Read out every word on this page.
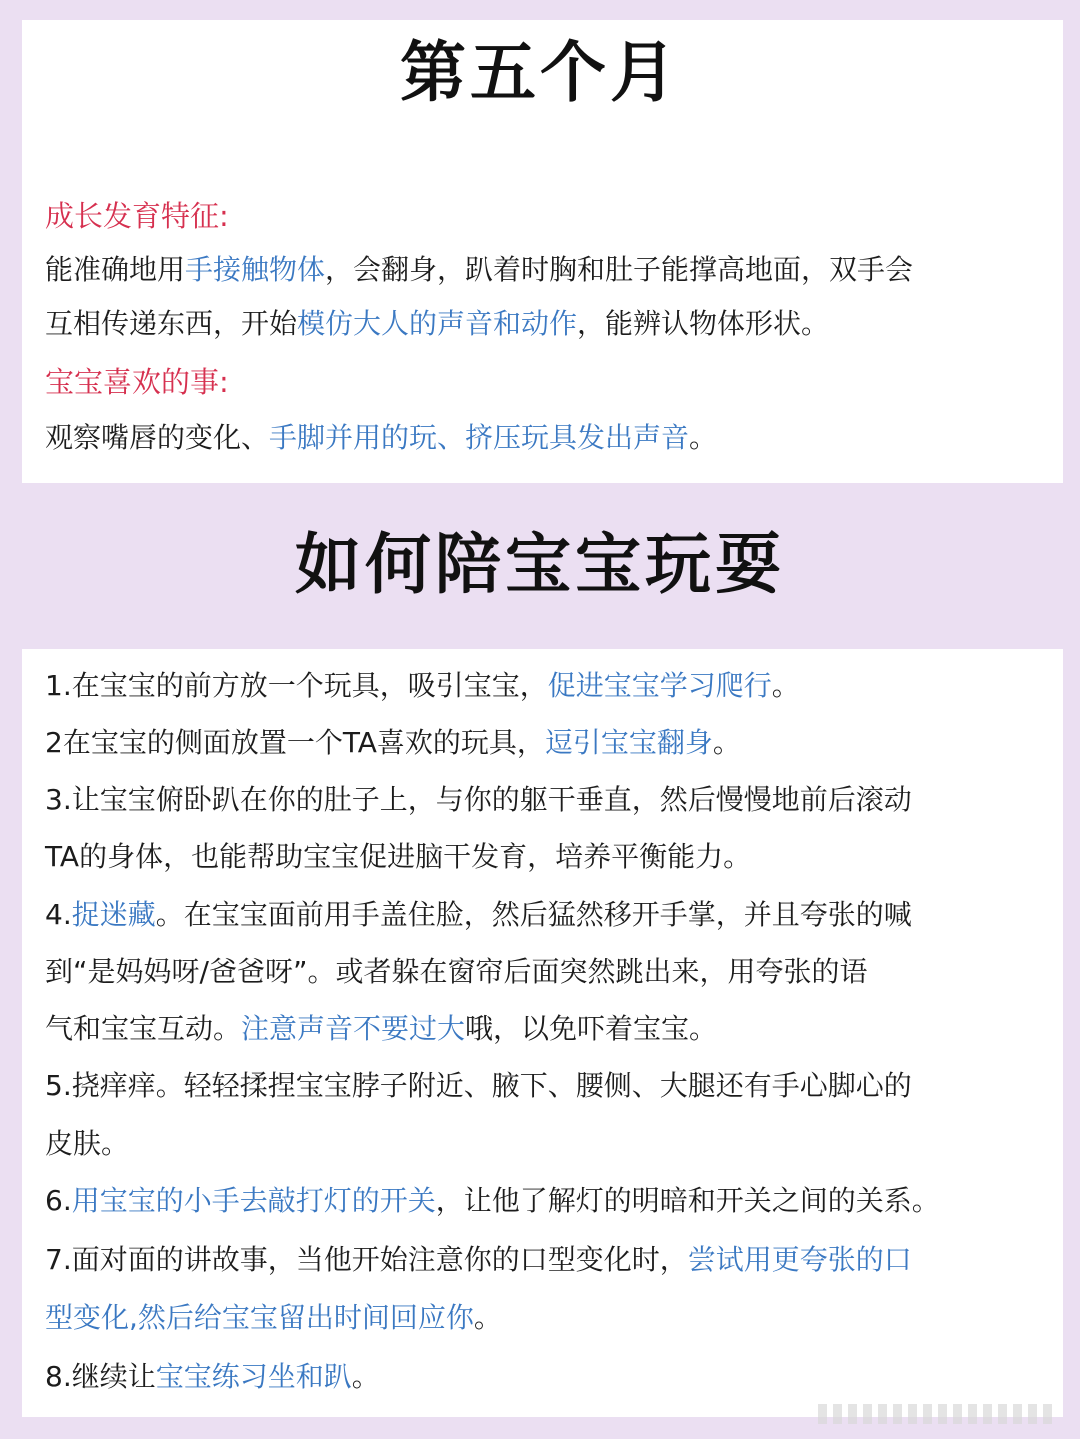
第五个月
成长发育特征:
能准确地用手接触物体，会翻身，趴着时胸和肚子能撑高地面，双手会
互相传递东西，开始模仿大人的声音和动作，能辨认物体形状。
宝宝喜欢的事:
观察嘴唇的变化、手脚并用的玩、挤压玩具发出声音。
如何陪宝宝玩耍
1.在宝宝的前方放一个玩具，吸引宝宝，促进宝宝学习爬行。
2在宝宝的侧面放置一个TA喜欢的玩具，逗引宝宝翻身。
3.让宝宝俯卧趴在你的肚子上，与你的躯干垂直，然后慢慢地前后滚动
TA的身体，也能帮助宝宝促进脑干发育，培养平衡能力。
4.捉迷藏。在宝宝面前用手盖住脸，然后猛然移开手掌，并且夸张的喊
到“是妈妈呀/爸爸呀”。或者躲在窗帘后面突然跳出来，用夸张的语
气和宝宝互动。注意声音不要过大哦，以免吓着宝宝。
5.挠痒痒。轻轻揉捏宝宝脖子附近、腋下、腰侧、大腿还有手心脚心的
皮肤。
6.用宝宝的小手去敲打灯的开关，让他了解灯的明暗和开关之间的关系。
7.面对面的讲故事，当他开始注意你的口型变化时，尝试用更夸张的口
型变化,然后给宝宝留出时间回应你。
8.继续让宝宝练习坐和趴。
